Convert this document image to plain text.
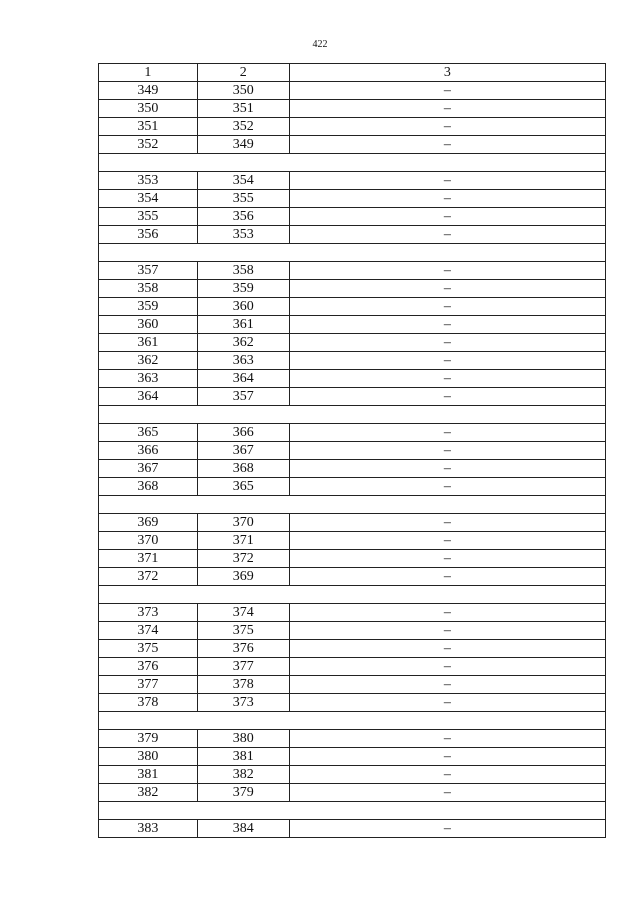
422
1	2	3
349	350	–
350	351	–
351	352	–
352	349	–

353	354	–
354	355	–
355	356	–
356	353	–

357	358	–
358	359	–
359	360	–
360	361	–
361	362	–
362	363	–
363	364	–
364	357	–

365	366	–
366	367	–
367	368	–
368	365	–

369	370	–
370	371	–
371	372	–
372	369	–

373	374	–
374	375	–
375	376	–
376	377	–
377	378	–
378	373	–

379	380	–
380	381	–
381	382	–
382	379	–

383	384	–
